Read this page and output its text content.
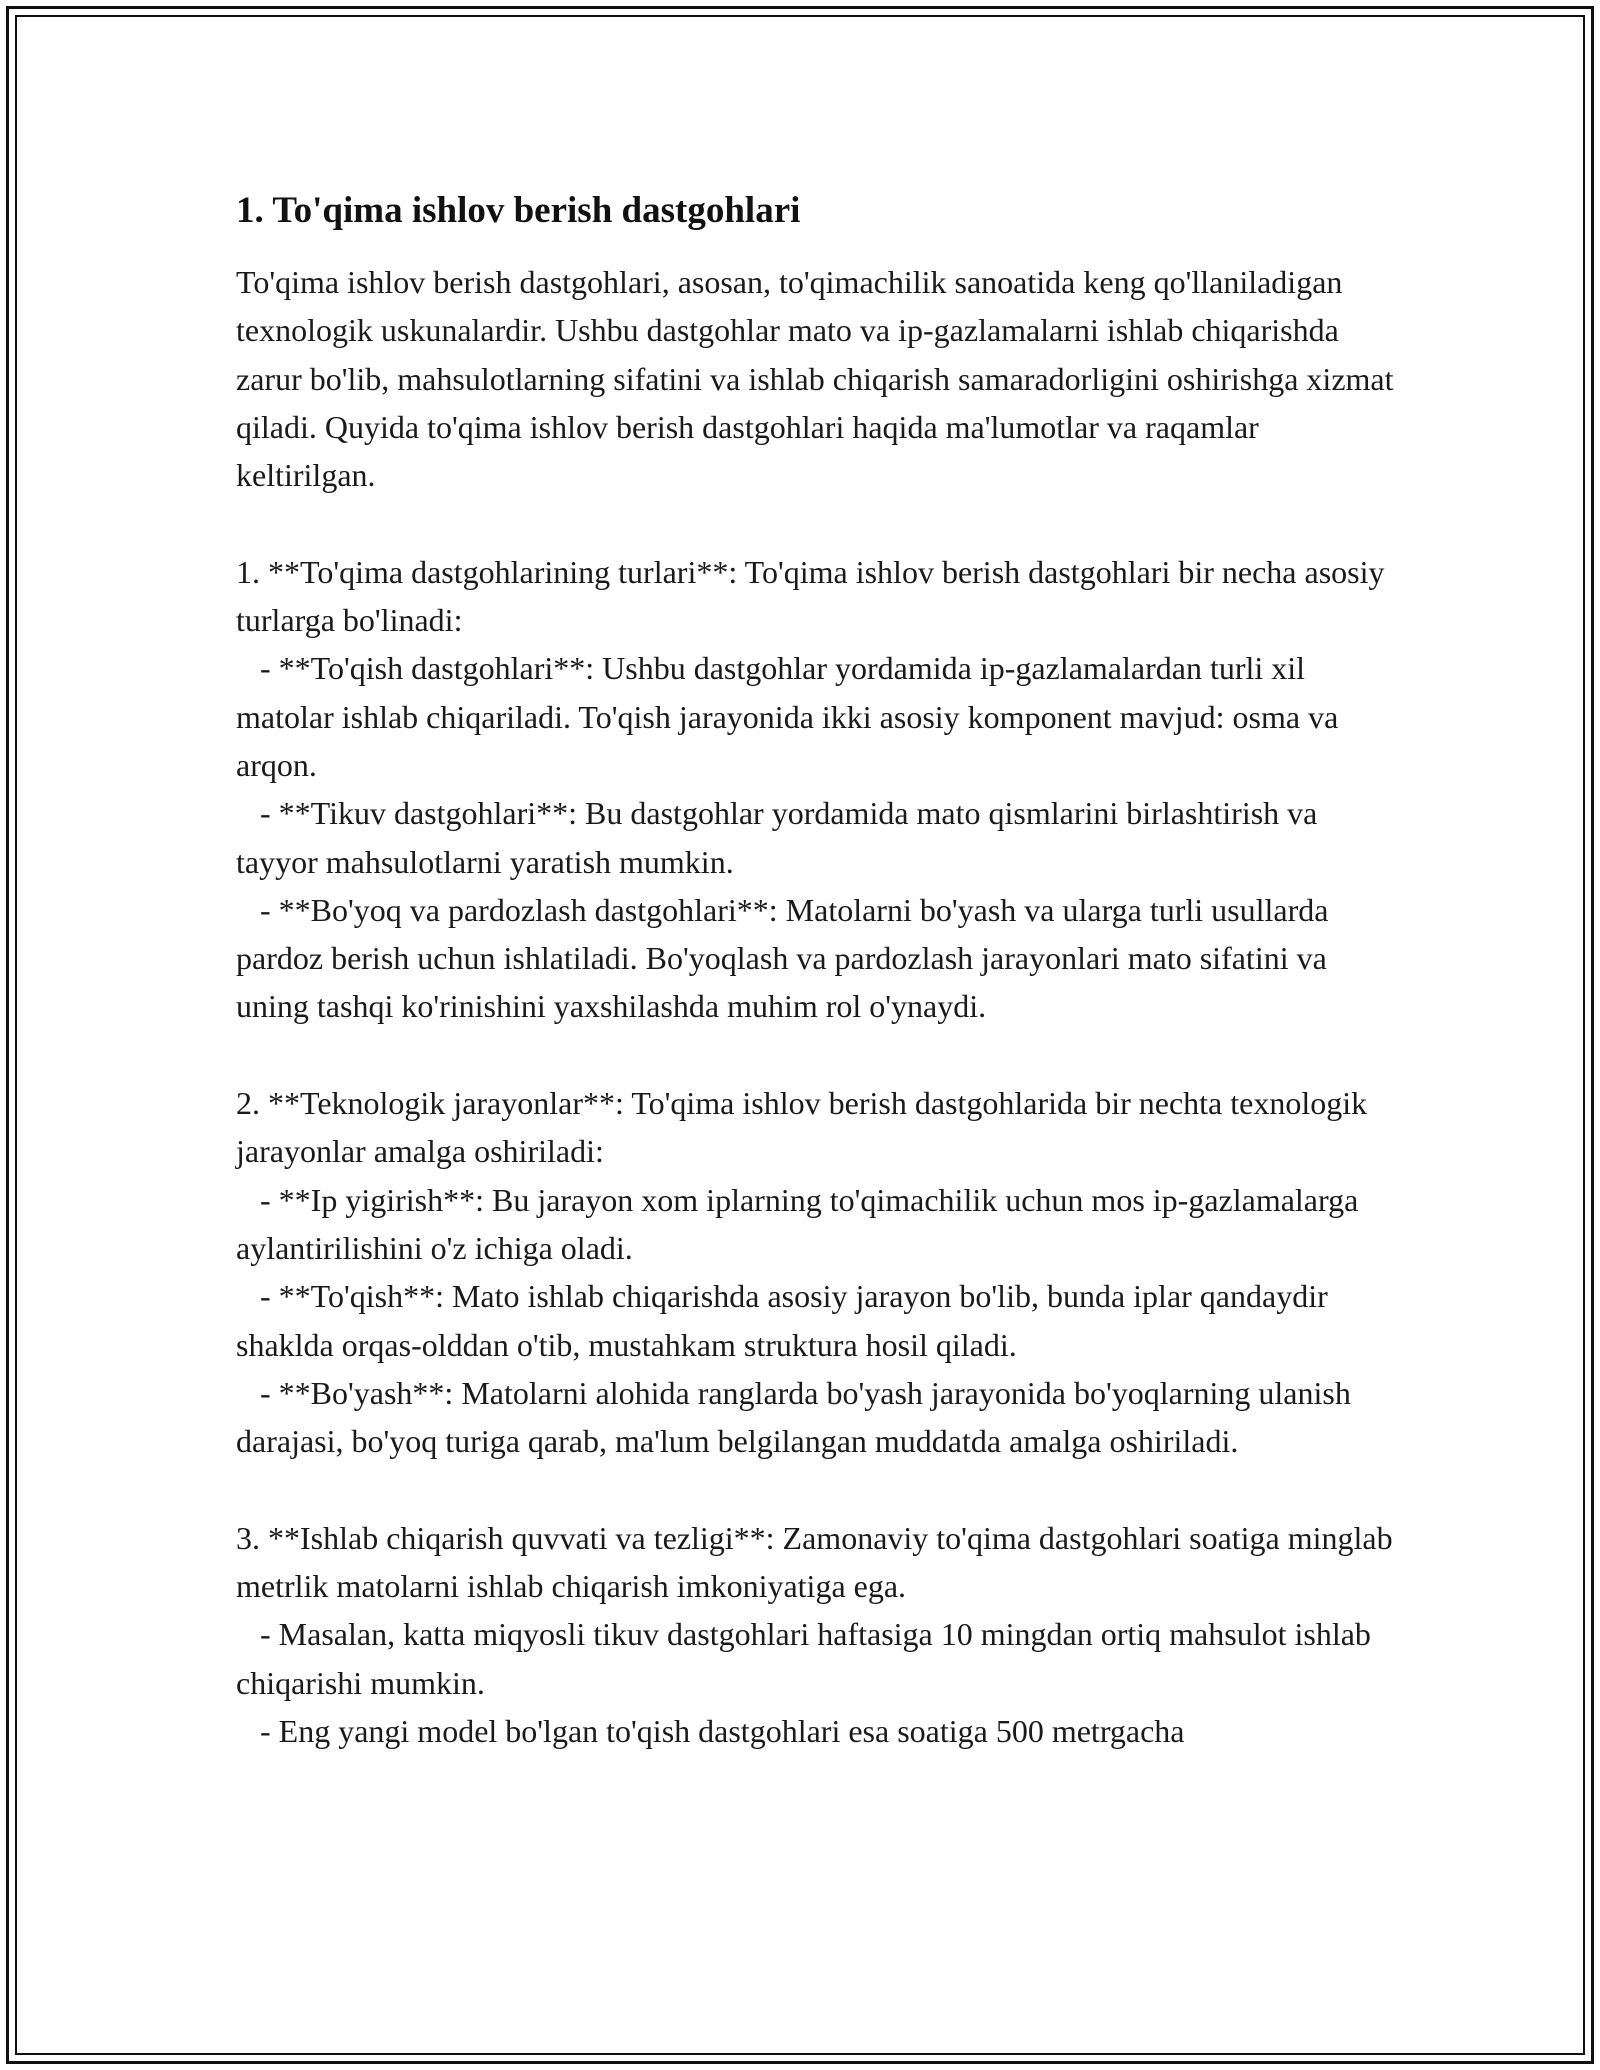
1. To'qima ishlov berish dastgohlari
To'qima ishlov berish dastgohlari, asosan, to'qimachilik sanoatida keng qo'llaniladigan texnologik uskunalardir. Ushbu dastgohlar mato va ip-gazlamalarni ishlab chiqarishda zarur bo'lib, mahsulotlarning sifatini va ishlab chiqarish samaradorligini oshirishga xizmat qiladi. Quyida to'qima ishlov berish dastgohlari haqida ma'lumotlar va raqamlar keltirilgan.

1. **To'qima dastgohlarining turlari**: To'qima ishlov berish dastgohlari bir necha asosiy turlarga bo'linadi:
- **To'qish dastgohlari**: Ushbu dastgohlar yordamida ip-gazlamalardan turli xil matolar ishlab chiqariladi. To'qish jarayonida ikki asosiy komponent mavjud: osma va arqon.
- **Tikuv dastgohlari**: Bu dastgohlar yordamida mato qismlarini birlashtirish va tayyor mahsulotlarni yaratish mumkin.
- **Bo'yoq va pardozlash dastgohlari**: Matolarni bo'yash va ularga turli usullarda pardoz berish uchun ishlatiladi. Bo'yoqlash va pardozlash jarayonlari mato sifatini va uning tashqi ko'rinishini yaxshilashda muhim rol o'ynaydi.

2. **Teknologik jarayonlar**: To'qima ishlov berish dastgohlarida bir nechta texnologik jarayonlar amalga oshiriladi:
- **Ip yigirish**: Bu jarayon xom iplarning to'qimachilik uchun mos ip-gazlamalarga aylantirilishini o'z ichiga oladi.
- **To'qish**: Mato ishlab chiqarishda asosiy jarayon bo'lib, bunda iplar qandaydir shaklda orqas-olddan o'tib, mustahkam struktura hosil qiladi.
- **Bo'yash**: Matolarni alohida ranglarda bo'yash jarayonida bo'yoqlarning ulanish darajasi, bo'yoq turiga qarab, ma'lum belgilangan muddatda amalga oshiriladi.

3. **Ishlab chiqarish quvvati va tezligi**: Zamonaviy to'qima dastgohlari soatiga minglab metrlik matolarni ishlab chiqarish imkoniyatiga ega.
- Masalan, katta miqyosli tikuv dastgohlari haftasiga 10 mingdan ortiq mahsulot ishlab chiqarishi mumkin.
- Eng yangi model bo'lgan to'qish dastgohlari esa soatiga 500 metrgacha
